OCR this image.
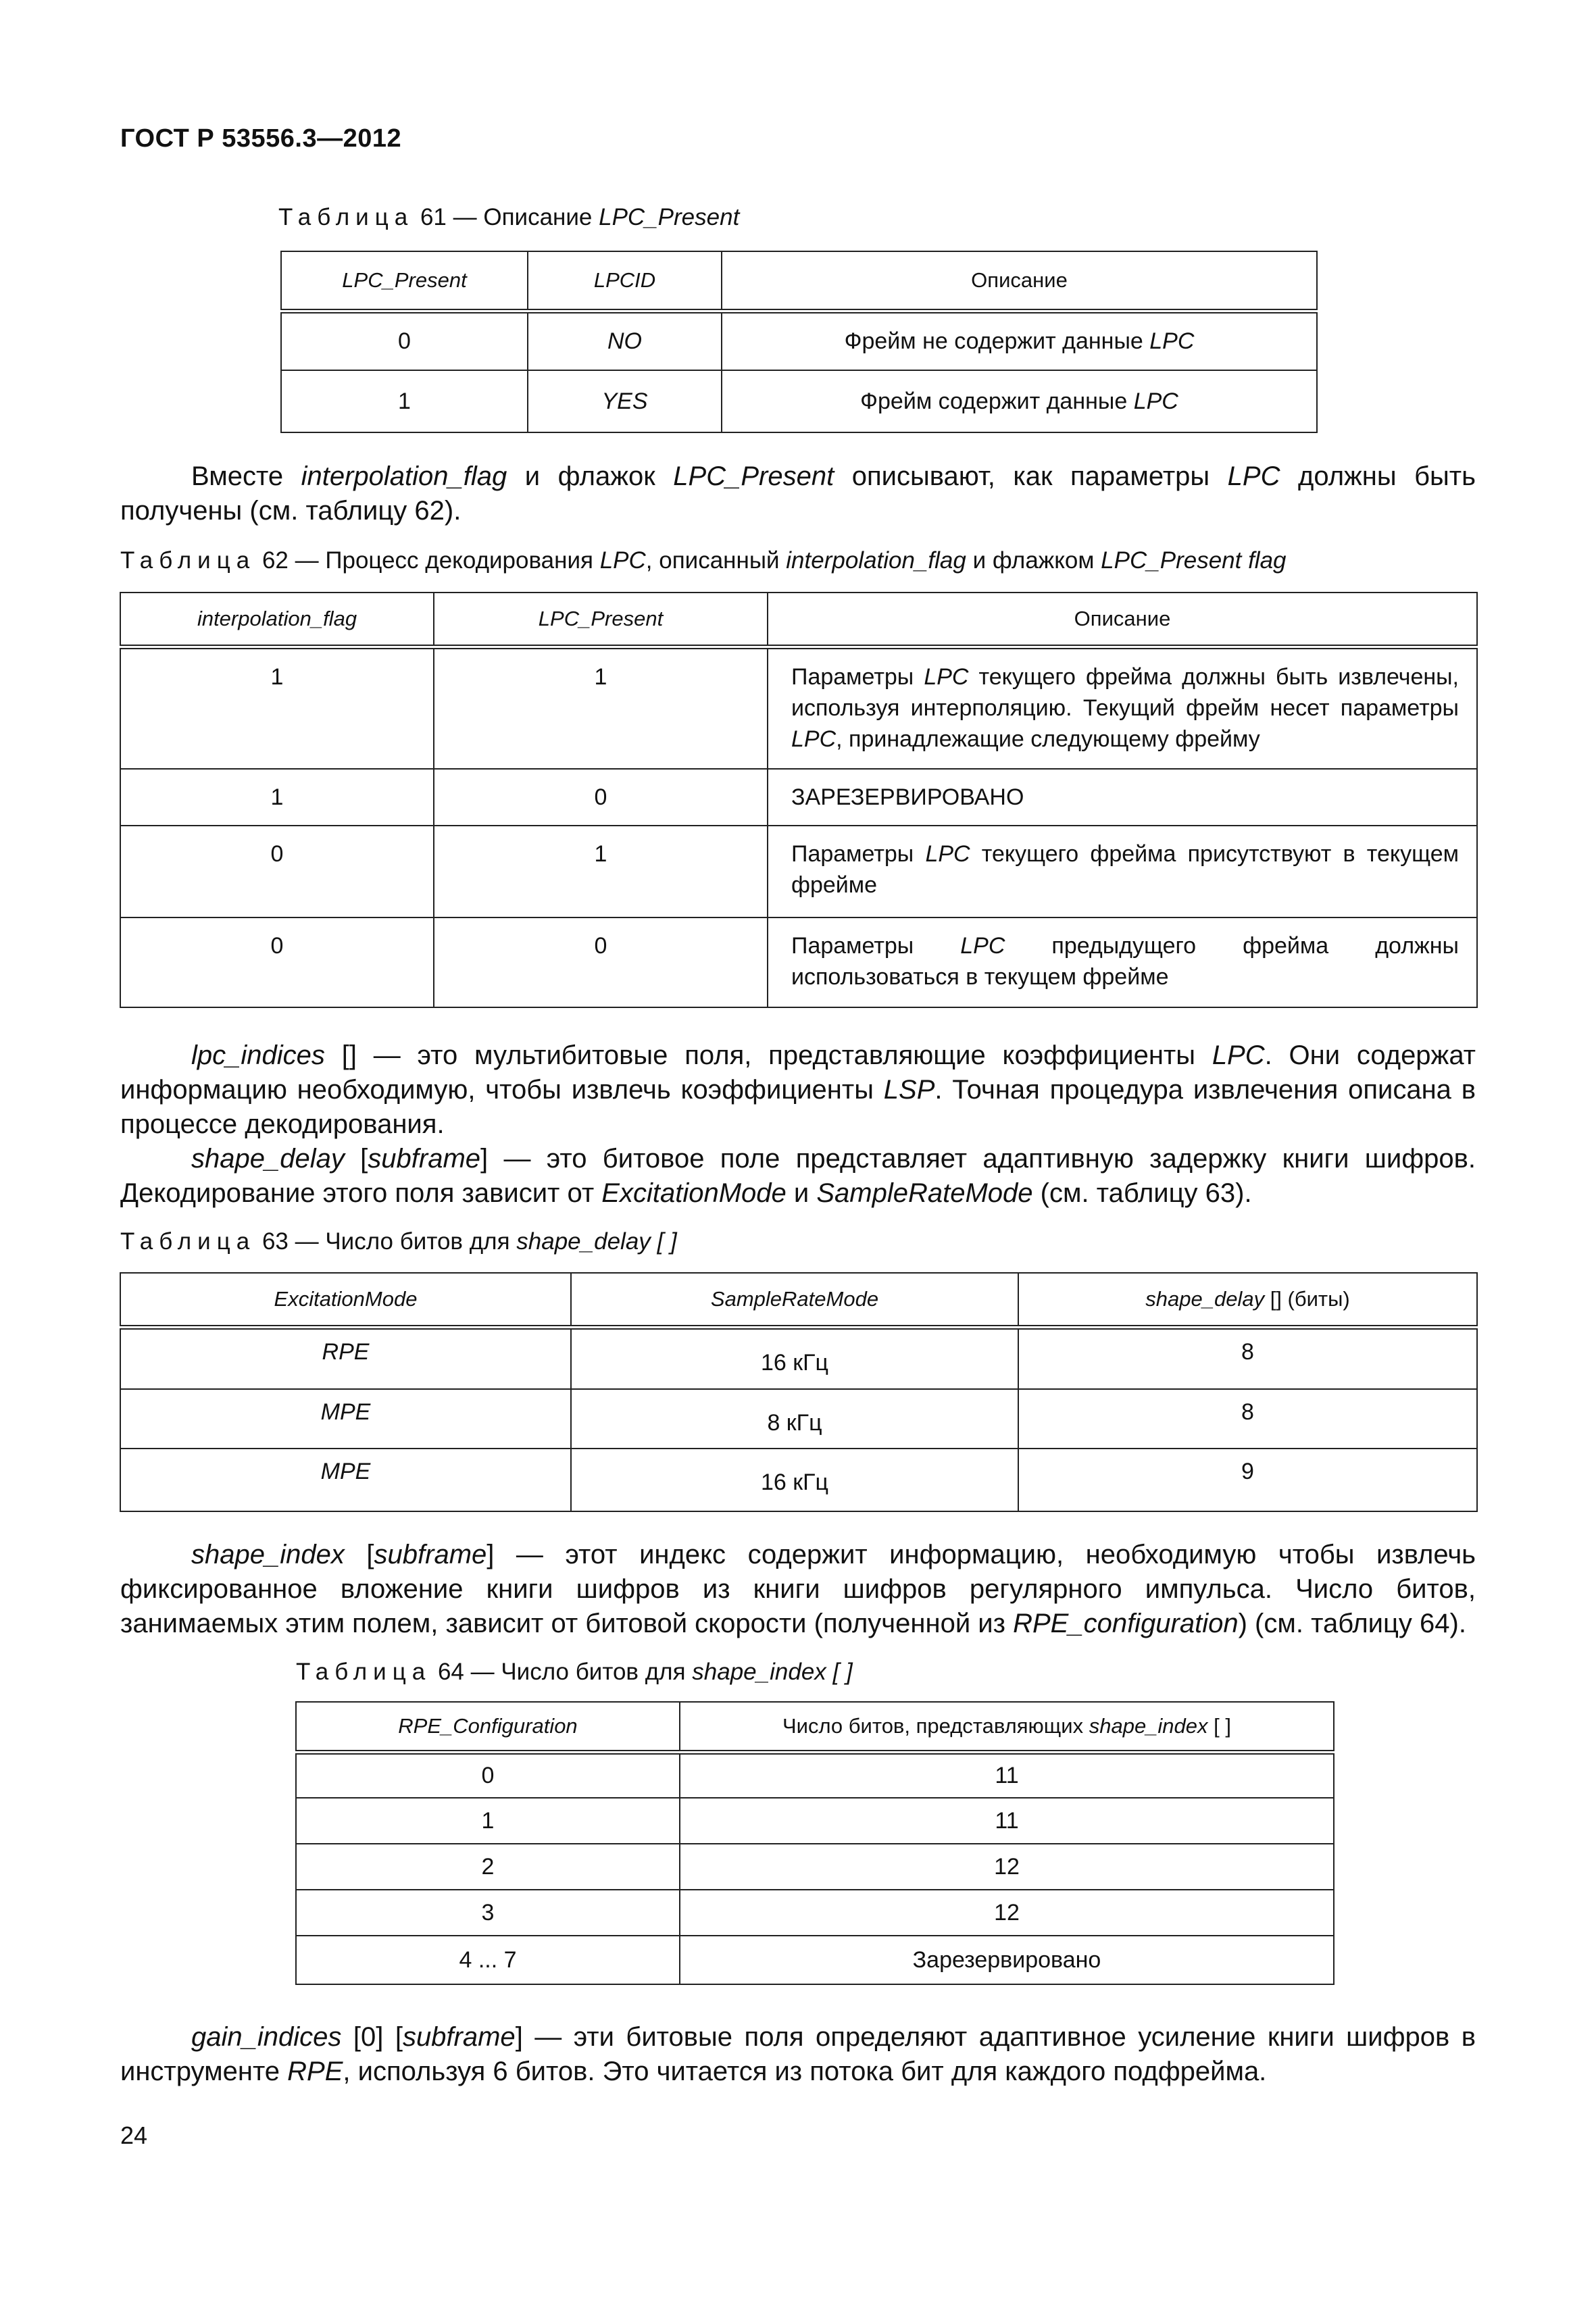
ГОСТ Р 53556.3—2012
Таблица 61 — Описание LPC_Present
LPC_Present	LPCID	Описание
0	NO	Фрейм не содержит данные LPC
1	YES	Фрейм содержит данные LPC

Вместе interpolation_flag и флажок LPC_Present описывают, как параметры LPC должны быть получены (см. таблицу 62).

Таблица 62 — Процесс декодирования LPC, описанный interpolation_flag и флажком LPC_Present flag
interpolation_flag	LPC_Present	Описание
1	1	Параметры LPC текущего фрейма должны быть извлечены, используя интерполяцию. Текущий фрейм несет параметры LPC, принадлежащие следующему фрейму
1	0	ЗАРЕЗЕРВИРОВАНО
0	1	Параметры LPC текущего фрейма присутствуют в текущем фрейме
0	0	Параметры LPC предыдущего фрейма должны использоваться в текущем фрейме

lpc_indices [] — это мультибитовые поля, представляющие коэффициенты LPC. Они содержат информацию необходимую, чтобы извлечь коэффициенты LSP. Точная процедура извлечения описана в процессе декодирования.

shape_delay [subframe] — это битовое поле представляет адаптивную задержку книги шифров. Декодирование этого поля зависит от ExcitationMode и SampleRateMode (см. таблицу 63).

Таблица 63 — Число битов для shape_delay [ ]
ExcitationMode	SampleRateMode	shape_delay [] (биты)
RPE	16 кГц	8
MPE	8 кГц	8
MPE	16 кГц	9

shape_index [subframe] — этот индекс содержит информацию, необходимую чтобы извлечь фиксированное вложение книги шифров из книги шифров регулярного импульса. Число битов, занимаемых этим полем, зависит от битовой скорости (полученной из RPE_configuration) (см. таблицу 64).

Таблица 64 — Число битов для shape_index [ ]
RPE_Configuration	Число битов, представляющих shape_index [ ]
0	11
1	11
2	12
3	12
4 ... 7	Зарезервировано

gain_indices [0] [subframe] — эти битовые поля определяют адаптивное усиление книги шифров в инструменте RPE, используя 6 битов. Это читается из потока бит для каждого подфрейма.

24
